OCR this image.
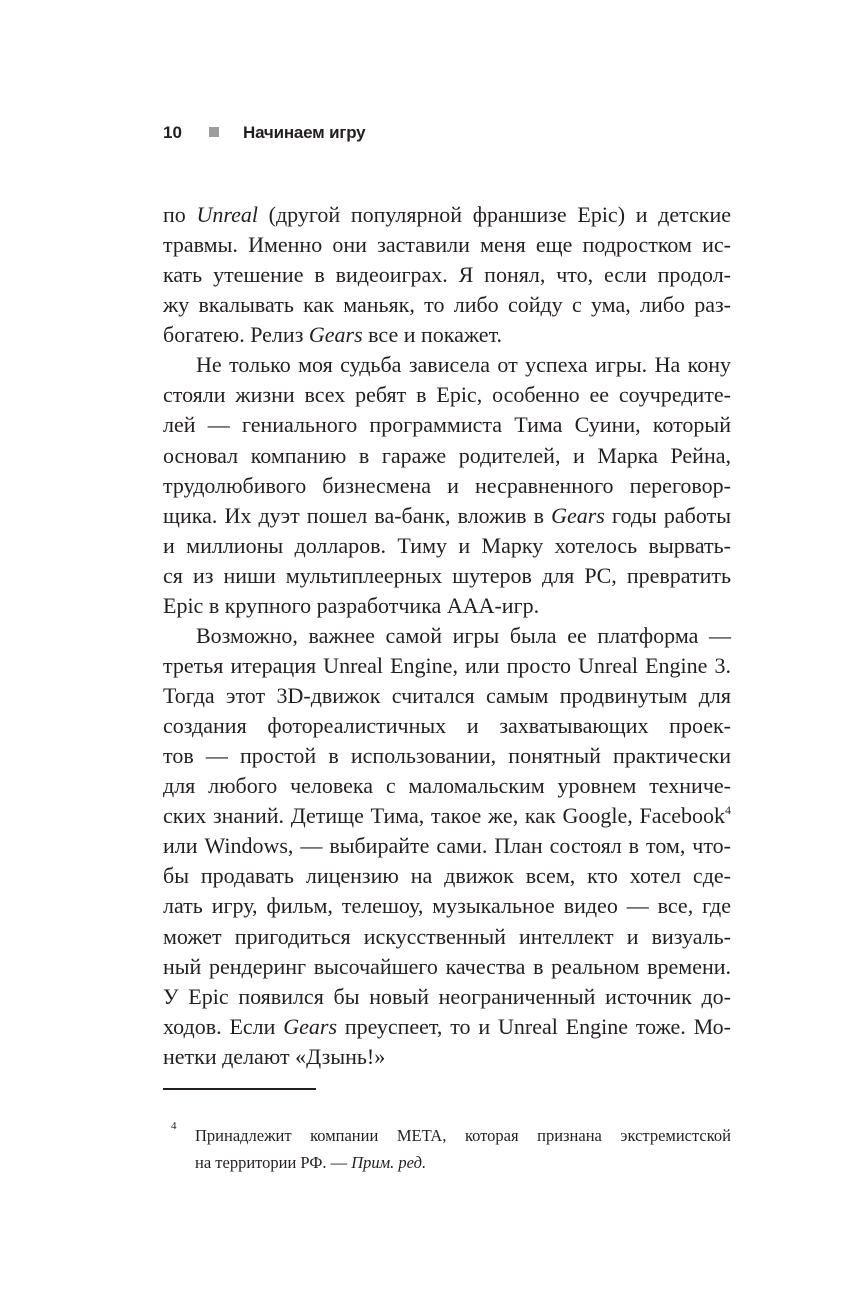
10	Начинаем игру
по Unreal (другой популярной франшизе Epic) и детские
травмы. Именно они заставили меня еще подростком ис-
кать утешение в видеоиграх. Я понял, что, если продол-
жу вкалывать как маньяк, то либо сойду с ума, либо раз-
богатею. Релиз Gears все и покажет.
Не только моя судьба зависела от успеха игры. На кону
стояли жизни всех ребят в Epic, особенно ее соучредите-
лей — гениального программиста Тима Суини, который
основал компанию в гараже родителей, и Марка Рейна,
трудолюбивого бизнесмена и несравненного переговор-
щика. Их дуэт пошел ва-банк, вложив в Gears годы работы
и миллионы долларов. Тиму и Марку хотелось вырвать-
ся из ниши мультиплеерных шутеров для PC, превратить
Epic в крупного разработчика AAA-игр.
Возможно, важнее самой игры была ее платформа —
третья итерация Unreal Engine, или просто Unreal Engine 3.
Тогда этот 3D-движок считался самым продвинутым для
создания фотореалистичных и захватывающих проек-
тов — простой в использовании, понятный практически
для любого человека с маломальским уровнем техниче-
ских знаний. Детище Тима, такое же, как Google, Facebook$^4$
или Windows, — выбирайте сами. План состоял в том, что-
бы продавать лицензию на движок всем, кто хотел сде-
лать игру, фильм, телешоу, музыкальное видео — все, где
может пригодиться искусственный интеллект и визуаль-
ный рендеринг высочайшего качества в реальном времени.
У Epic появился бы новый неограниченный источник до-
ходов. Если Gears преуспеет, то и Unreal Engine тоже. Мо-
нетки делают «Дзынь!»
4	Принадлежит компании META, которая признана экстремистской
на территории РФ. — Прим. ред.
